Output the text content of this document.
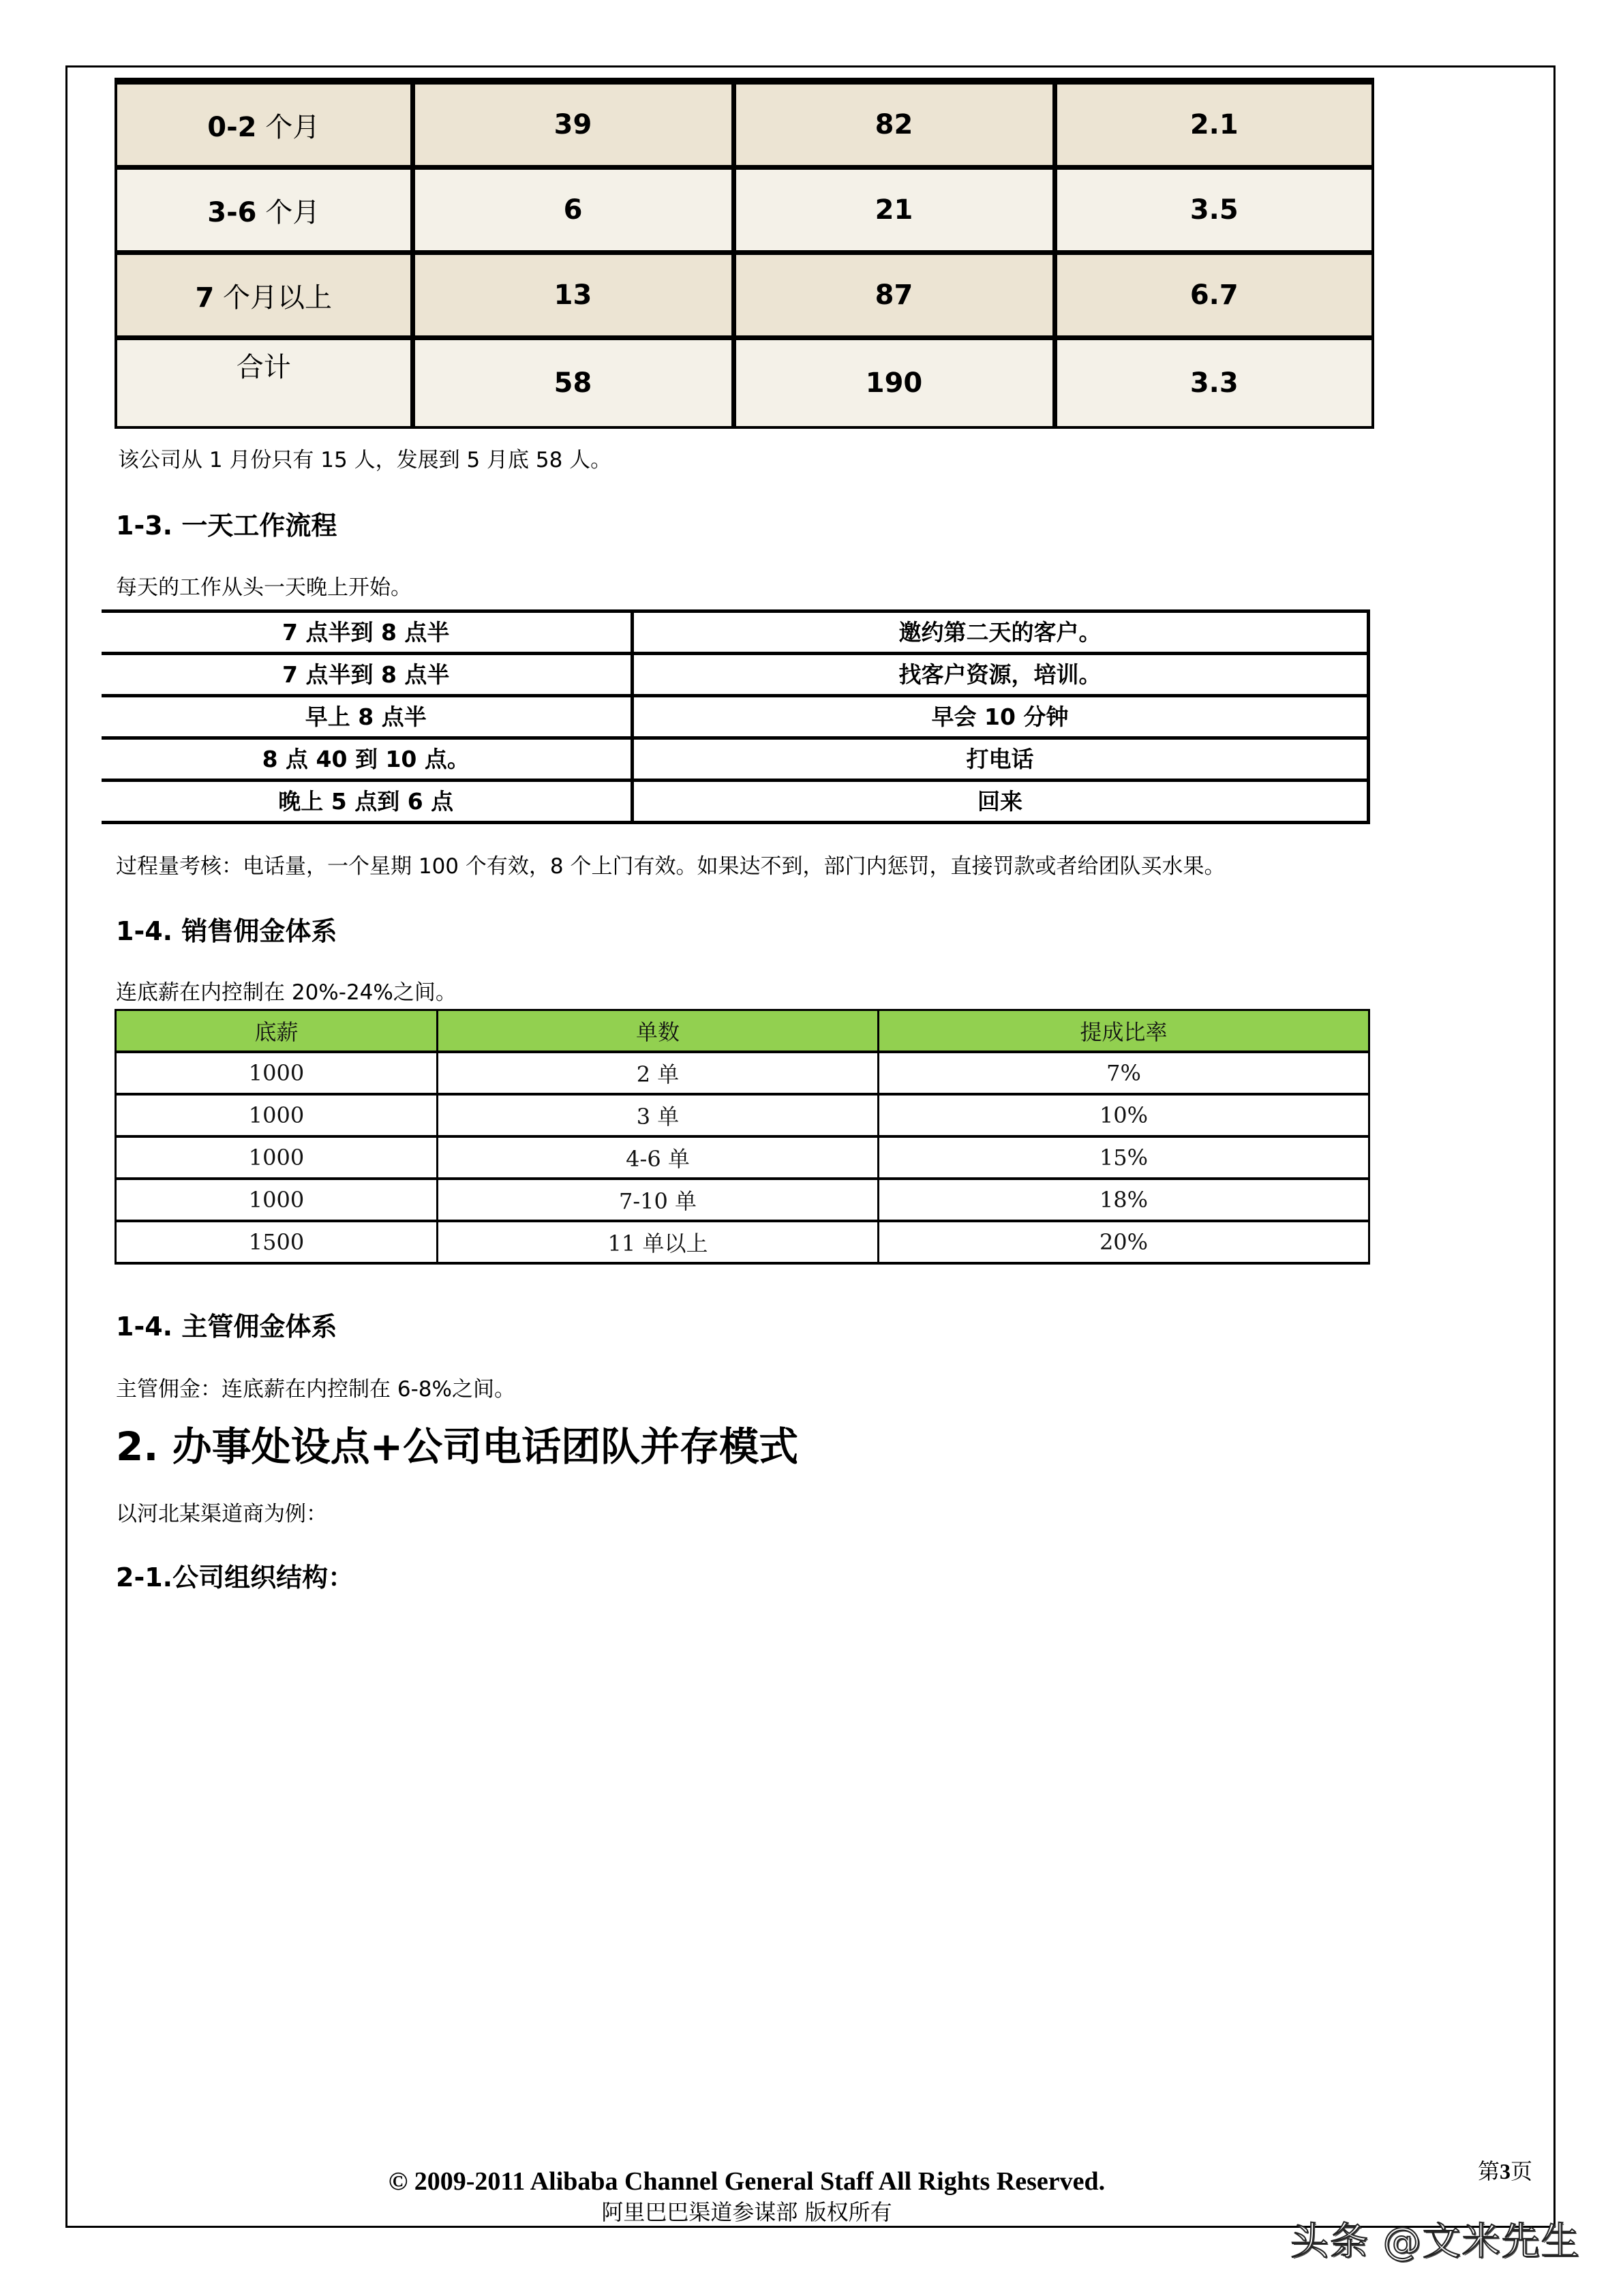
0-2 个月	39	82	2.1
3-6 个月	6	21	3.5
7 个月以上	13	87	6.7
合计	58	190	3.3
该公司从 1 月份只有 15 人，发展到 5 月底 58 人。
1-3. 一天工作流程
每天的工作从头一天晚上开始。
7 点半到 8 点半	邀约第二天的客户。
7 点半到 8 点半	找客户资源，培训。
早上 8 点半	早会 10 分钟
8 点 40 到 10 点。	打电话
晚上 5 点到 6 点	回来
过程量考核：电话量，一个星期 100 个有效，8 个上门有效。如果达不到，部门内惩罚，直接罚款或者给团队买水果。
1-4. 销售佣金体系
连底薪在内控制在 20%-24%之间。
底薪	单数	提成比率
1000	2 单	7%
1000	3 单	10%
1000	4-6 单	15%
1000	7-10 单	18%
1500	11 单以上	20%
1-4. 主管佣金体系
主管佣金：连底薪在内控制在 6-8%之间。
2. 办事处设点+公司电话团队并存模式
以河北某渠道商为例：
2-1.公司组织结构：
© 2009-2011 Alibaba Channel General Staff All Rights Reserved.
阿里巴巴渠道参谋部 版权所有
第3页
头条 @文米先生
